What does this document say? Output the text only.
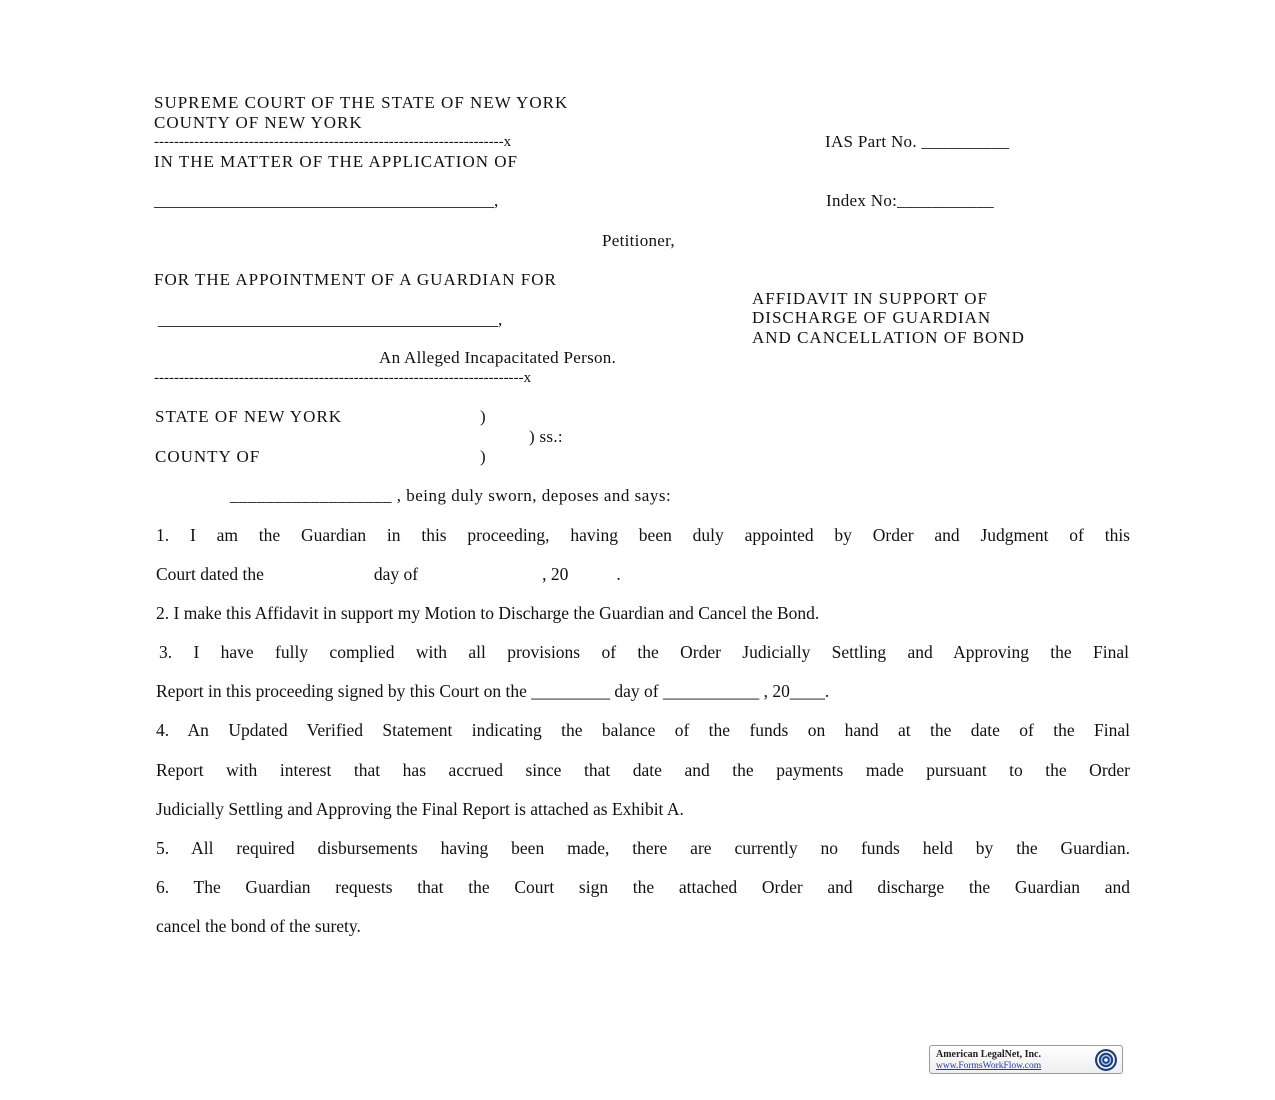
SUPREME COURT OF THE STATE OF NEW YORK
COUNTY OF NEW YORK
----------------------------------------------------------------------x	IAS Part No. __________
IN THE MATTER OF THE APPLICATION OF
________________________________________,	Index No:___________
Petitioner,
FOR THE APPOINTMENT OF A GUARDIAN FOR
AFFIDAVIT IN SUPPORT OF
DISCHARGE OF GUARDIAN
AND CANCELLATION OF BOND
________________________________________,
An Alleged Incapacitated Person.
--------------------------------------------------------------------------x
STATE OF NEW YORK	)
) ss.:
COUNTY OF	)
__________________ , being duly sworn, deposes and says:
1. I am the Guardian in this proceeding, having been duly appointed by Order and Judgment of this
Court dated the	day of	, 20	.
2. I make this Affidavit in support my Motion to Discharge the Guardian and Cancel the Bond.
3. I have fully complied with all provisions of the Order Judicially Settling and Approving the Final
Report in this proceeding signed by this Court on the _________ day of ___________ , 20____.
4. An Updated Verified Statement indicating the balance of the funds on hand at the date of the Final
Report with interest that has accrued since that date and the payments made pursuant to the Order
Judicially Settling and Approving the Final Report is attached as Exhibit A.
5. All required disbursements having been made, there are currently no funds held by the Guardian.
6. The Guardian requests that the Court sign the attached Order and discharge the Guardian and
cancel the bond of the surety.
American LegalNet, Inc.
www.FormsWorkFlow.com
